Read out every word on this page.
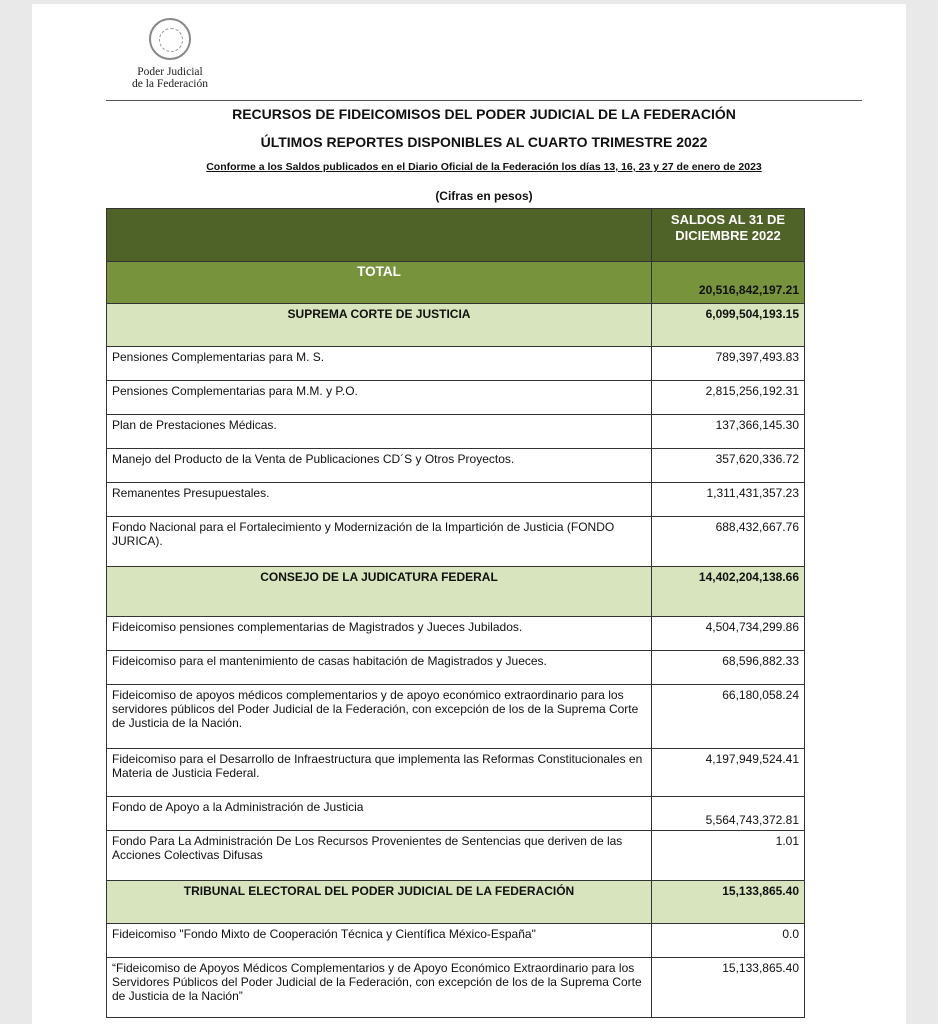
Poder Judicial
de la Federación
RECURSOS DE FIDEICOMISOS DEL PODER JUDICIAL DE LA FEDERACIÓN
ÚLTIMOS REPORTES DISPONIBLES AL CUARTO TRIMESTRE 2022
Conforme a los Saldos publicados en el Diario Oficial de la Federación los días 13, 16, 23 y 27 de enero de 2023
(Cifras en pesos)
	SALDOS AL 31 DE DICIEMBRE 2022
TOTAL	20,516,842,197.21
SUPREMA CORTE DE JUSTICIA	6,099,504,193.15
Pensiones Complementarias para M. S.	789,397,493.83
Pensiones Complementarias para M.M. y P.O.	2,815,256,192.31
Plan de Prestaciones Médicas.	137,366,145.30
Manejo del Producto de la Venta de Publicaciones CD´S y Otros Proyectos.	357,620,336.72
Remanentes Presupuestales.	1,311,431,357.23
Fondo Nacional para el Fortalecimiento y Modernización de la Impartición de Justicia (FONDO JURICA).	688,432,667.76
CONSEJO DE LA JUDICATURA FEDERAL	14,402,204,138.66
Fideicomiso pensiones complementarias de Magistrados y Jueces Jubilados.	4,504,734,299.86
Fideicomiso para el mantenimiento de casas habitación de Magistrados y Jueces.	68,596,882.33
Fideicomiso de apoyos médicos complementarios y de apoyo económico extraordinario para los servidores públicos del Poder Judicial de la Federación, con excepción de los de la Suprema Corte de Justicia de la Nación.	66,180,058.24
Fideicomiso para el Desarrollo de Infraestructura que implementa las Reformas Constitucionales en Materia de Justicia Federal.	4,197,949,524.41
Fondo de Apoyo a la Administración de Justicia	5,564,743,372.81
Fondo Para La Administración De Los Recursos Provenientes de Sentencias que deriven de las Acciones Colectivas Difusas	1.01
TRIBUNAL ELECTORAL DEL PODER JUDICIAL DE LA FEDERACIÓN	15,133,865.40
Fideicomiso "Fondo Mixto de Cooperación Técnica y Científica México-España"	0.0
“Fideicomiso de Apoyos Médicos Complementarios y de Apoyo Económico Extraordinario para los Servidores Públicos del Poder Judicial de la Federación, con excepción de los de la Suprema Corte de Justicia de la Nación”	15,133,865.40
